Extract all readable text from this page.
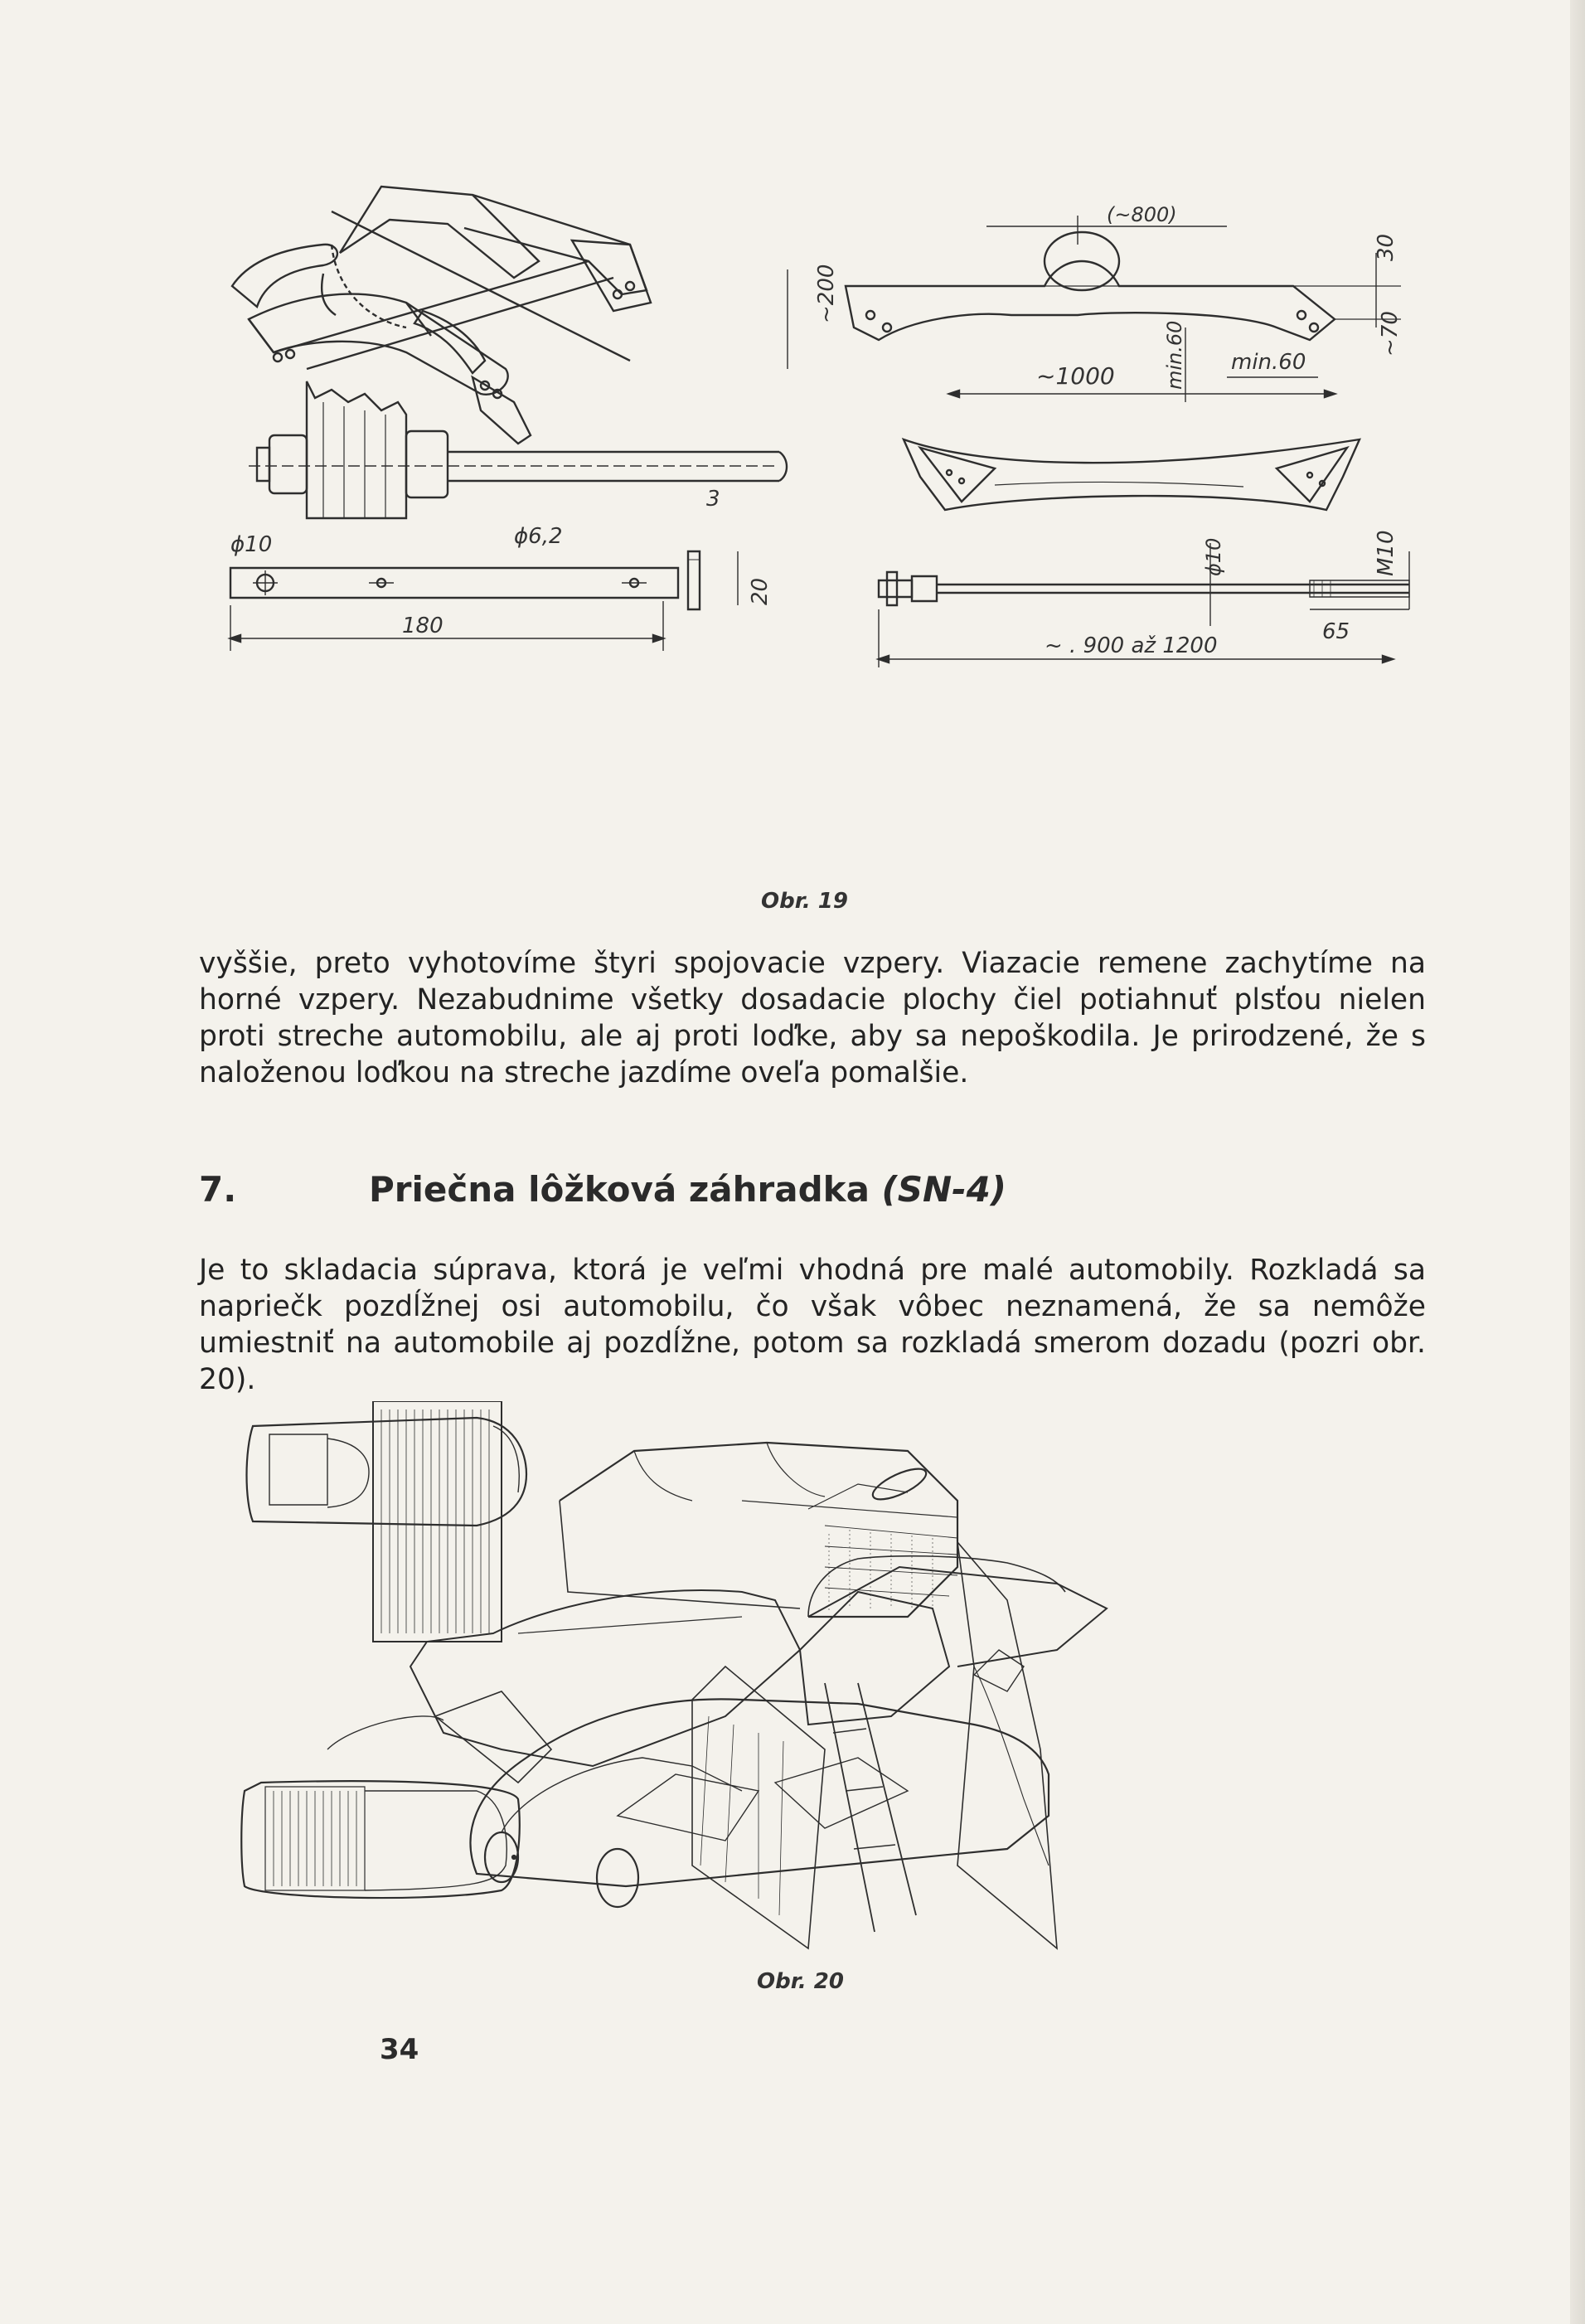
(~800)
~200
30
~1000 min.60 min.60
~70
3
ϕ10	ϕ6,2
20
180
ϕ10	M10
65
~ . 900 až 1200
Obr. 19

vyššie, preto vyhotovíme štyri spojovacie vzpery. Viazacie remene zachytíme na horné vzpery. Nezabudnime všetky dosadacie plochy čiel potiahnuť plsťou nielen proti streche automobilu, ale aj proti loďke, aby sa nepoškodila. Je prirodzené, že s naloženou loďkou na streche jazdíme oveľa pomalšie.

7.	Priečna lôžková záhradka (SN-4)

Je to skladacia súprava, ktorá je veľmi vhodná pre malé automobily. Rozkladá sa napriečk pozdĺžnej osi automobilu, čo však vôbec neznamená, že sa nemôže umiestniť na automobile aj pozdĺžne, potom sa rozkladá smerom dozadu (pozri obr. 20).

Obr. 20
34
